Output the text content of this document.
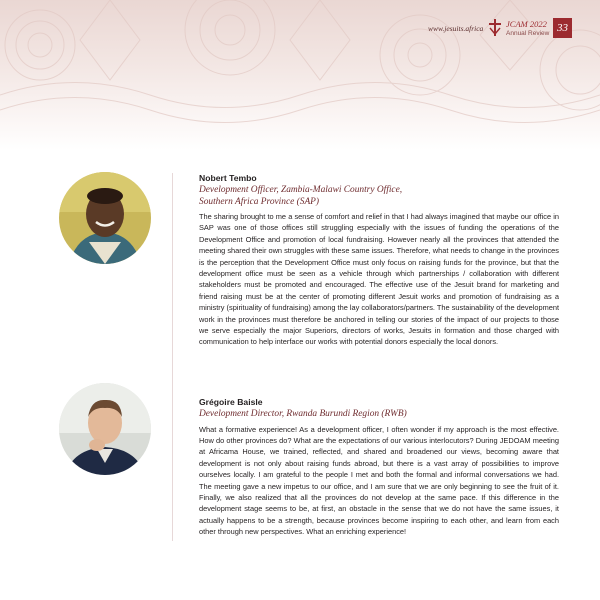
www.jesuits.africa	JCAM 2022
Annual Review 33
Nobert Tembo
Development Officer, Zambia-Malawi Country Office,
Southern Africa Province (SAP)
The sharing brought to me a sense of comfort and relief in that I had always imagined that maybe our office in SAP was one of those offices still struggling especially with the issues of funding the operations of the Development Office and promotion of local fundraising. However nearly all the provinces that attended the meeting shared their own struggles with these same issues. Therefore, what needs to change in the provinces is the perception that the Development Office must only focus on raising funds for the province, but that the development office must be seen as a vehicle through which partnerships / collaboration with different stakeholders must be promoted and encouraged. The effective use of the Jesuit brand for marketing and friend raising must be at the center of promoting different Jesuit works and promotion of fundraising as a ministry (spirituality of fundraising) among the lay collaborators/partners. The sustainability of the development work in the provinces must therefore be anchored in telling our stories of the impact of our projects to those we serve especially the major Superiors, directors of works, Jesuits in formation and those charged with communication to help interface our works with potential donors especially the local donors.
Grégoire Baisle
Development Director, Rwanda Burundi Region (RWB)
What a formative experience! As a development officer, I often wonder if my approach is the most effective. How do other provinces do? What are the expectations of our various interlocutors? During JEDOAM meeting at Africama House, we trained, reflected, and shared and broadened our views, becoming aware that development is not only about raising funds abroad, but there is a vast array of possibilities to improve ourselves locally. I am grateful to the people I met and both the formal and informal conversations we had. The meeting gave a new impetus to our office, and I am sure that we are only beginning to see the fruit of it. Finally, we also realized that all the provinces do not develop at the same pace. If this difference in the development stage seems to be, at first, an obstacle in the sense that we do not have the same issues, it actually happens to be a strength, because provinces become inspiring to each other, and learn from each other through new perspectives. What an enriching experience!
